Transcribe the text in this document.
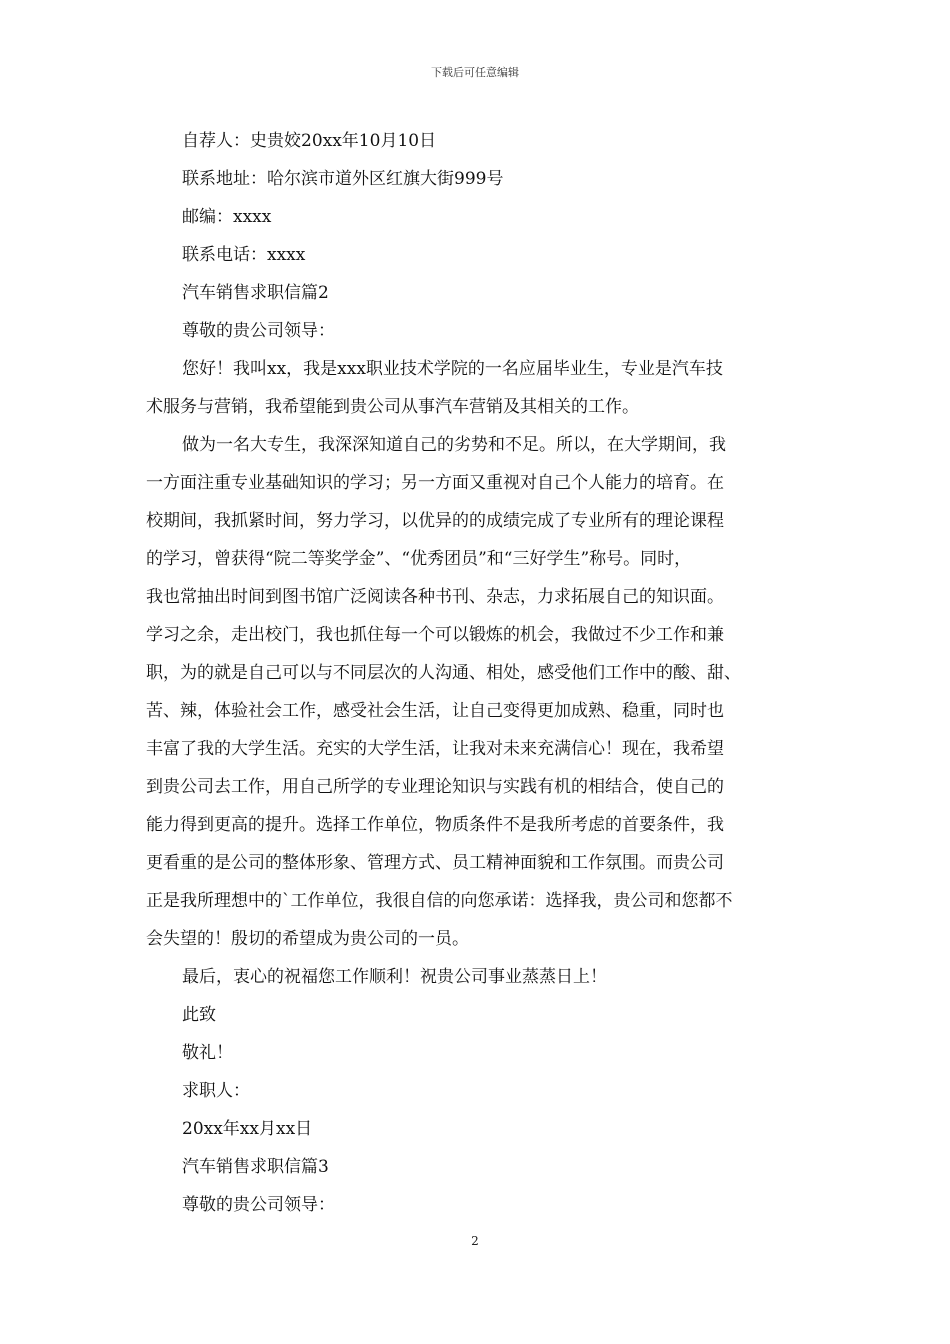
下载后可任意编辑
自荐人：史贵姣20xx年10月10日
联系地址：哈尔滨市道外区红旗大街999号
邮编：xxxx
联系电话：xxxx
汽车销售求职信篇2
尊敬的贵公司领导：
您好！我叫xx，我是xxx职业技术学院的一名应届毕业生，专业是汽车技
术服务与营销，我希望能到贵公司从事汽车营销及其相关的工作。
做为一名大专生，我深深知道自己的劣势和不足。所以，在大学期间，我
一方面注重专业基础知识的学习；另一方面又重视对自己个人能力的培育。在
校期间，我抓紧时间，努力学习，以优异的的成绩完成了专业所有的理论课程
的学习，曾获得“院二等奖学金”、“优秀团员”和“三好学生”称号。同时，
我也常抽出时间到图书馆广泛阅读各种书刊、杂志，力求拓展自己的知识面。
学习之余，走出校门，我也抓住每一个可以锻炼的机会，我做过不少工作和兼
职，为的就是自己可以与不同层次的人沟通、相处，感受他们工作中的酸、甜、
苦、辣，体验社会工作，感受社会生活，让自己变得更加成熟、稳重，同时也
丰富了我的大学生活。充实的大学生活，让我对未来充满信心！现在，我希望
到贵公司去工作，用自己所学的专业理论知识与实践有机的相结合，使自己的
能力得到更高的提升。选择工作单位，物质条件不是我所考虑的首要条件，我
更看重的是公司的整体形象、管理方式、员工精神面貌和工作氛围。而贵公司
正是我所理想中的`工作单位，我很自信的向您承诺：选择我，贵公司和您都不
会失望的！殷切的希望成为贵公司的一员。
最后，衷心的祝福您工作顺利！祝贵公司事业蒸蒸日上！
此致
敬礼！
求职人：
20xx年xx月xx日
汽车销售求职信篇3
尊敬的贵公司领导：
2
